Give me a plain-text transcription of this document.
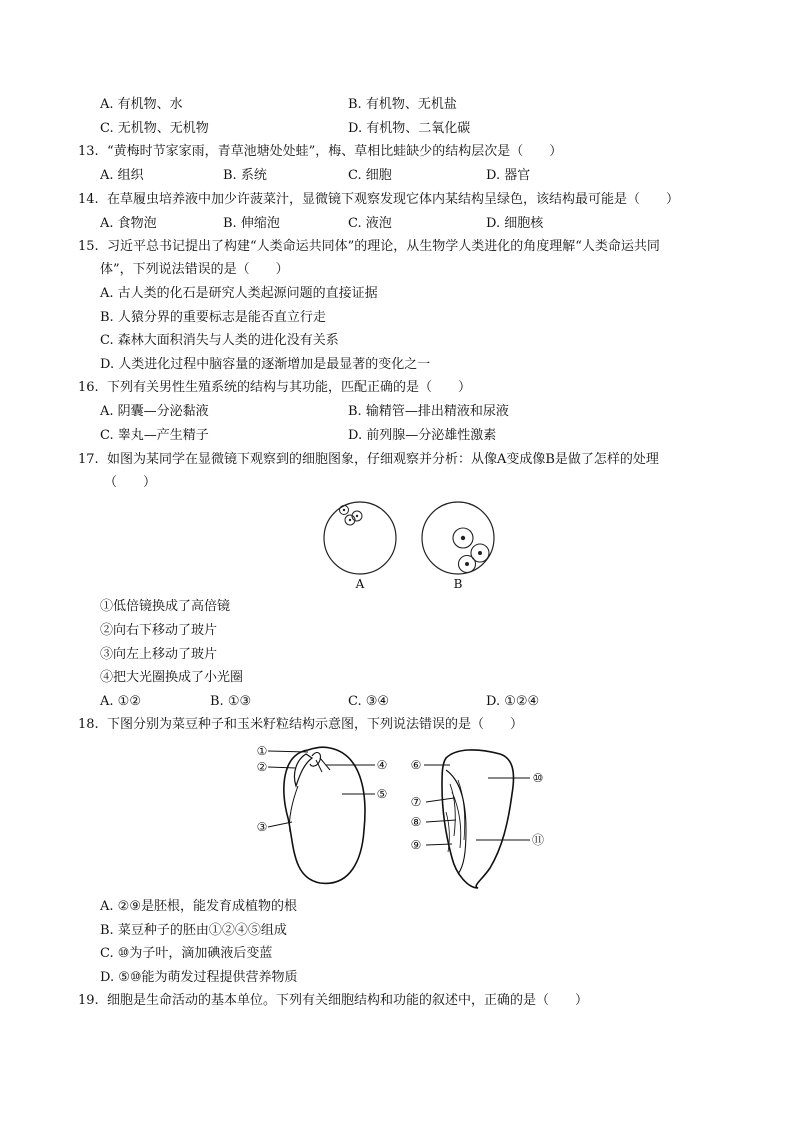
A. 有机物、水	B. 有机物、无机盐
C. 无机物、无机物	D. 有机物、二氧化碳
13. “黄梅时节家家雨，青草池塘处处蛙”，梅、草相比蛙缺少的结构层次是（　　）
A. 组织	B. 系统	C. 细胞	D. 器官
14. 在草履虫培养液中加少许菠菜汁，显微镜下观察发现它体内某结构呈绿色，该结构最可能是（　　）
A. 食物泡	B. 伸缩泡	C. 液泡	D. 细胞核
15. 习近平总书记提出了构建“人类命运共同体”的理论，从生物学人类进化的角度理解“人类命运共同
体”，下列说法错误的是（　　）
A. 古人类的化石是研究人类起源问题的直接证据
B. 人猿分界的重要标志是能否直立行走
C. 森林大面积消失与人类的进化没有关系
D. 人类进化过程中脑容量的逐渐增加是最显著的变化之一
16. 下列有关男性生殖系统的结构与其功能，匹配正确的是（　　）
A. 阴囊—分泌黏液	B. 输精管—排出精液和尿液
C. 睾丸—产生精子	D. 前列腺—分泌雄性激素
17. 如图为某同学在显微镜下观察到的细胞图象，仔细观察并分析：从像A变成像B是做了怎样的处理
（　　）
A	B
①低倍镜换成了高倍镜
②向右下移动了玻片
③向左上移动了玻片
④把大光圈换成了小光圈
A. ①②	B. ①③	C. ③④	D. ①②④
18. 下图分别为菜豆种子和玉米籽粒结构示意图，下列说法错误的是（　　）
①
②
③
④
⑤
⑥
⑦
⑧
⑨
⑩
⑪
A. ②⑨是胚根，能发育成植物的根
B. 菜豆种子的胚由①②④⑤组成
C. ⑩为子叶，滴加碘液后变蓝
D. ⑤⑩能为萌发过程提供营养物质
19. 细胞是生命活动的基本单位。下列有关细胞结构和功能的叙述中，正确的是（　　）
